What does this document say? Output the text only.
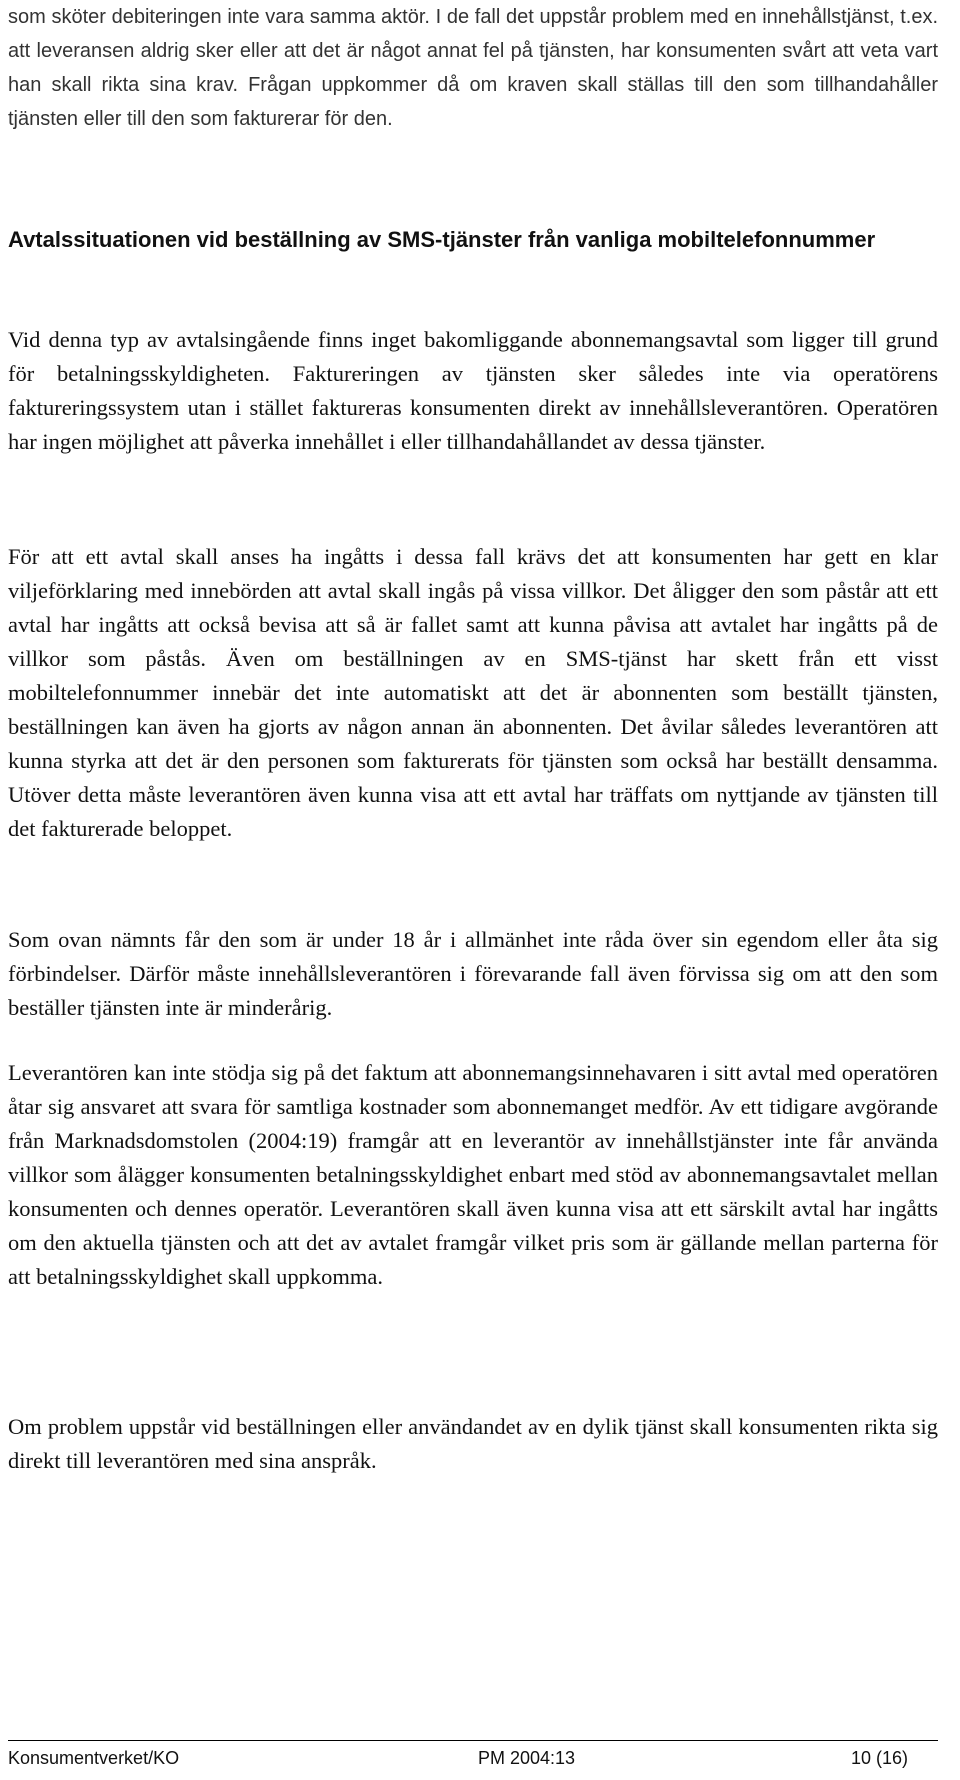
som sköter debiteringen inte vara samma aktör. I de fall det uppstår problem med en innehållstjänst, t.ex. att leveransen aldrig sker eller att det är något annat fel på tjänsten, har konsumenten svårt att veta vart han skall rikta sina krav. Frågan uppkommer då om kraven skall ställas till den som tillhandahåller tjänsten eller till den som fakturerar för den.

Avtalssituationen vid beställning av SMS-tjänster från vanliga mobiltelefonnummer

Vid denna typ av avtalsingående finns inget bakomliggande abonnemangsavtal som ligger till grund för betalningsskyldigheten. Faktureringen av tjänsten sker således inte via operatörens faktureringssystem utan i stället faktureras konsumenten direkt av innehållsleverantören. Operatören har ingen möjlighet att påverka innehållet i eller tillhandahållandet av dessa tjänster.

För att ett avtal skall anses ha ingåtts i dessa fall krävs det att konsumenten har gett en klar viljeförklaring med innebörden att avtal skall ingås på vissa villkor. Det åligger den som påstår att ett avtal har ingåtts att också bevisa att så är fallet samt att kunna påvisa att avtalet har ingåtts på de villkor som påstås. Även om beställningen av en SMS-tjänst har skett från ett visst mobiltelefonnummer innebär det inte automatiskt att det är abonnenten som beställt tjänsten, beställningen kan även ha gjorts av någon annan än abonnenten. Det åvilar således leverantören att kunna styrka att det är den personen som fakturerats för tjänsten som också har beställt densamma. Utöver detta måste leverantören även kunna visa att ett avtal har träffats om nyttjande av tjänsten till det fakturerade beloppet.

Som ovan nämnts får den som är under 18 år i allmänhet inte råda över sin egendom eller åta sig förbindelser. Därför måste innehållsleverantören i förevarande fall även förvissa sig om att den som beställer tjänsten inte är minderårig.

Leverantören kan inte stödja sig på det faktum att abonnemangsinnehavaren i sitt avtal med operatören åtar sig ansvaret att svara för samtliga kostnader som abonnemanget medför. Av ett tidigare avgörande från Marknadsdomstolen (2004:19) framgår att en leverantör av innehållstjänster inte får använda villkor som ålägger konsumenten betalningsskyldighet enbart med stöd av abonnemangsavtalet mellan konsumenten och dennes operatör. Leverantören skall även kunna visa att ett särskilt avtal har ingåtts om den aktuella tjänsten och att det av avtalet framgår vilket pris som är gällande mellan parterna för att betalningsskyldighet skall uppkomma.

Om problem uppstår vid beställningen eller användandet av en dylik tjänst skall konsumenten rikta sig direkt till leverantören med sina anspråk.

Konsumentverket/KO	PM 2004:13	10 (16)
